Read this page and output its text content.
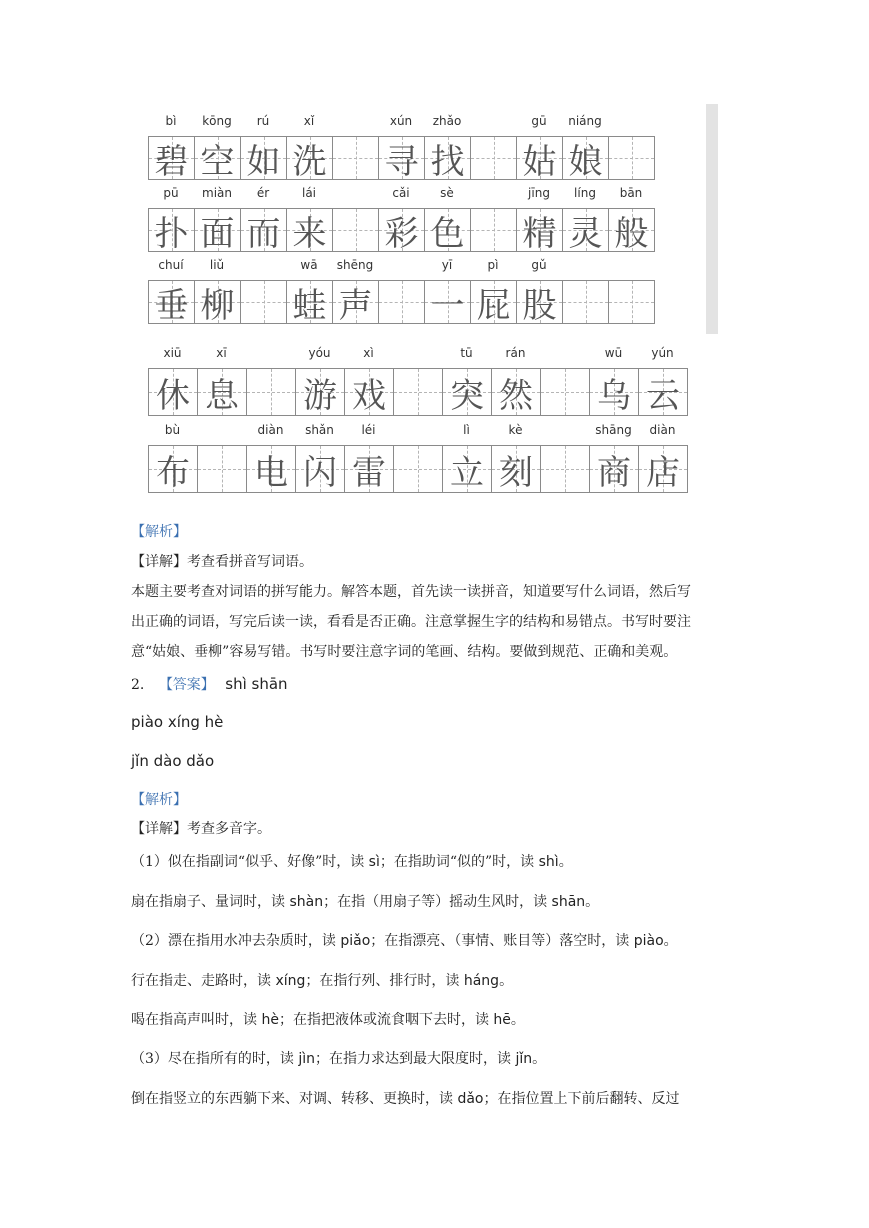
bì	kōng	rú	xǐ	xún	zhǎo	gū	niáng
碧 空 如 洗 寻 找 姑 娘
pū	miàn	ér	lái	cǎi	sè	jīng	líng	bān
扑 面 而 来 彩 色 精 灵 般
chuí	liǔ	wā	shēng	yī	pì	gǔ
垂 柳 蛙 声 一 屁 股
xiū	xī	yóu	xì	tū	rán	wū	yún
休 息 游 戏 突 然 乌 云
bù	diàn	shǎn	léi	lì	kè	shāng	diàn
布 电 闪 雷 立 刻 商 店
【解析】
【详解】考查看拼音写词语。
本题主要考查对词语的拼写能力。解答本题，首先读一读拼音，知道要写什么词语，然后写
出正确的词语，写完后读一读，看看是否正确。注意掌握生字的结构和易错点。书写时要注
意“姑娘、垂柳”容易写错。书写时要注意字词的笔画、结构。要做到规范、正确和美观。
2. 【答案】 shì shān
piào xíng hè
jǐn dào dǎo
【解析】
【详解】考查多音字。
（1）似在指副词“似乎、好像”时，读 sì；在指助词“似的”时，读 shì。
扇在指扇子、量词时，读 shàn；在指（用扇子等）摇动生风时，读 shān。
（2）漂在指用水冲去杂质时，读 piǎo；在指漂亮、（事情、账目等）落空时，读 piào。
行在指走、走路时，读 xíng；在指行列、排行时，读 háng。
喝在指高声叫时，读 hè；在指把液体或流食咽下去时，读 hē。
（3）尽在指所有的时，读 jìn；在指力求达到最大限度时，读 jǐn。
倒在指竖立的东西躺下来、对调、转移、更换时，读 dǎo；在指位置上下前后翻转、反过
